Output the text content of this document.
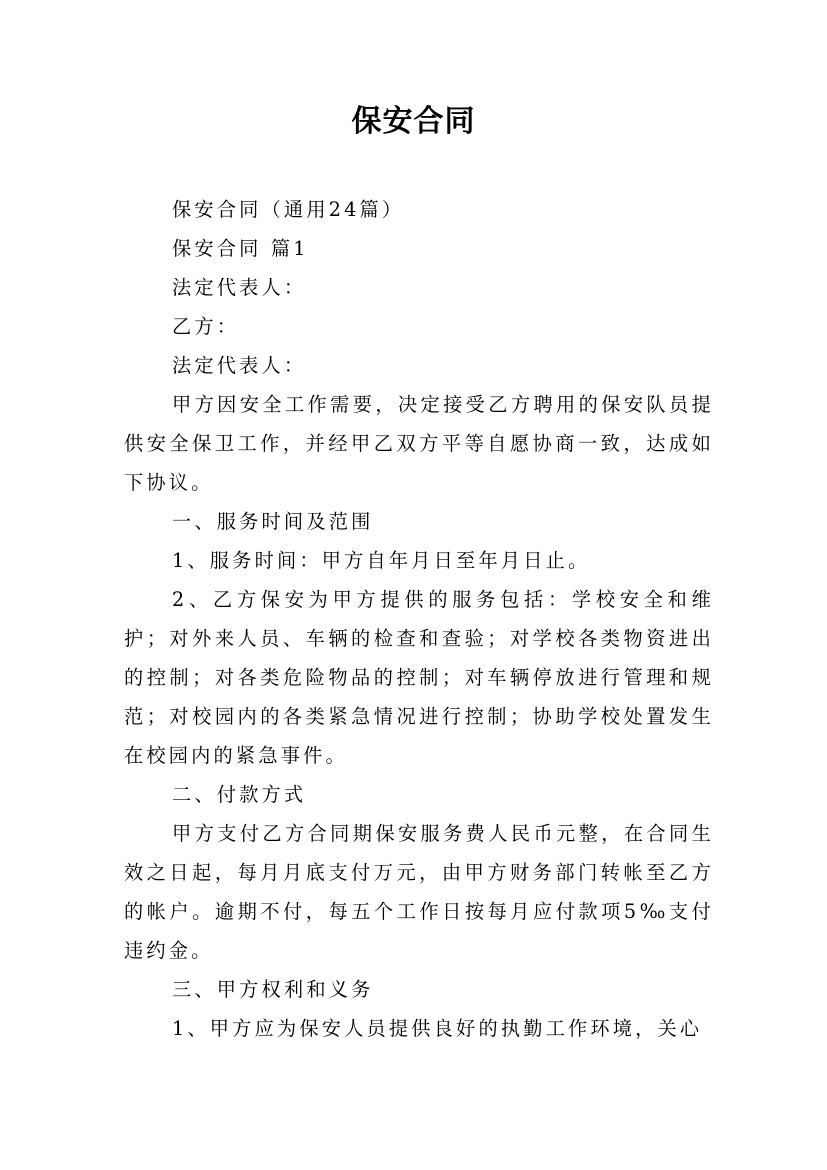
保安合同

保安合同（通用24篇）

保安合同 篇1

法定代表人：

乙方：

法定代表人：

甲方因安全工作需要，决定接受乙方聘用的保安队员提供安全保卫工作，并经甲乙双方平等自愿协商一致，达成如下协议。

一、服务时间及范围

1、服务时间：甲方自年月日至年月日止。

2、乙方保安为甲方提供的服务包括：学校安全和维护；对外来人员、车辆的检查和查验；对学校各类物资进出的控制；对各类危险物品的控制；对车辆停放进行管理和规范；对校园内的各类紧急情况进行控制；协助学校处置发生在校园内的紧急事件。

二、付款方式

甲方支付乙方合同期保安服务费人民币元整，在合同生效之日起，每月月底支付万元，由甲方财务部门转帐至乙方的帐户。逾期不付，每五个工作日按每月应付款项5‰支付违约金。

三、甲方权利和义务

1、甲方应为保安人员提供良好的执勤工作环境，关心
